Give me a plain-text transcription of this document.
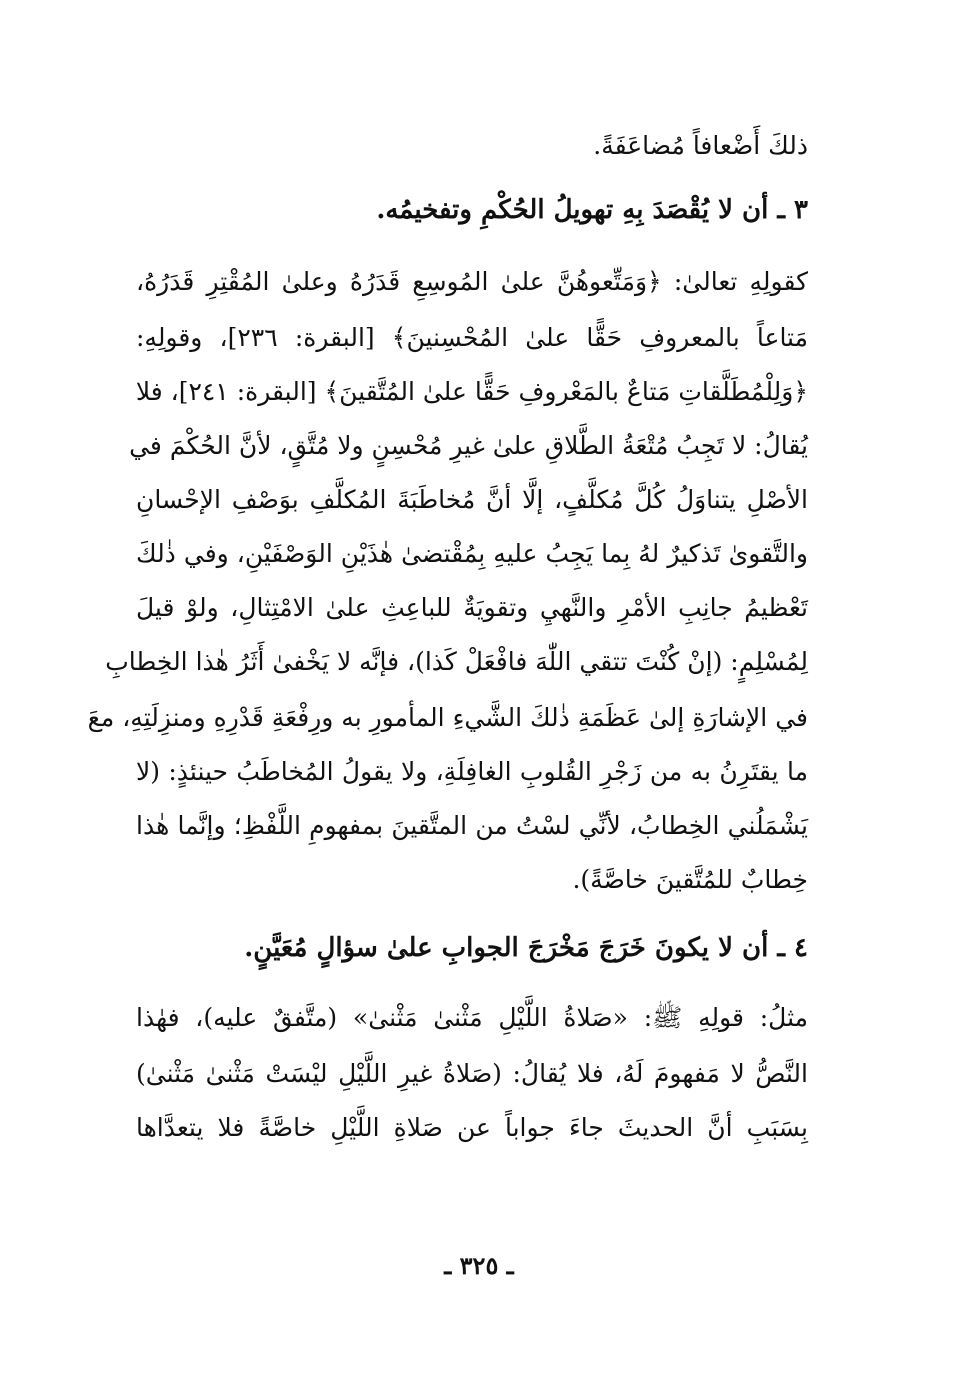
ذلكَ أَضْعافاً مُضاعَفَةً.
٣ ـ أن لا يُقْصَدَ بِهِ تهويلُ الحُكْمِ وتفخيمُه.
كقولِهِ تعالىٰ: ﴿وَمَتِّعوهُنَّ علىٰ المُوسِعِ قَدَرُهُ وعلىٰ المُقْتِرِ قَدَرُهُ،
مَتاعاً بالمعروفِ حَقًّا علىٰ المُحْسِنينَ﴾ [البقرة: ٢٣٦]، وقولِهِ:
﴿وَلِلْمُطَلَّقاتِ مَتاعٌ بالمَعْروفِ حَقًّا علىٰ المُتَّقينَ﴾ [البقرة: ٢٤١]، فلا
يُقالُ: لا تَجِبُ مُتْعَةُ الطَّلاقِ علىٰ غيرِ مُحْسِنٍ ولا مُتَّقٍ، لأنَّ الحُكْمَ في
الأصْلِ يتناوَلُ كُلَّ مُكلَّفٍ، إلَّا أنَّ مُخاطَبَةَ المُكلَّفِ بوَصْفِ الإحْسانِ
والتَّقوىٰ تَذكيرٌ لهُ بِما يَجِبُ عليهِ بِمُقْتضىٰ هٰذَيْنِ الوَصْفَيْنِ، وفي ذٰلكَ
تَعْظيمُ جانِبِ الأمْرِ والنَّهيِ وتقويَةٌ للباعِثِ علىٰ الامْتِثالِ، ولوْ قيلَ
لِمُسْلِمٍ: (إنْ كُنْتَ تتقي اللّٰهَ فافْعَلْ كَذا)، فإنَّه لا يَخْفىٰ أَثَرُ هٰذا الخِطابِ
في الإشارَةِ إلىٰ عَظَمَةِ ذٰلكَ الشَّيءِ المأمورِ به ورِفْعَةِ قَدْرِهِ ومنزِلَتِهِ، معَ
ما يقتَرِنُ به من زَجْرِ القُلوبِ الغافِلَةِ، ولا يقولُ المُخاطَبُ حينئذٍ: (لا
يَشْمَلُني الخِطابُ، لأنِّي لسْتُ من المتَّقينَ بمفهومِ اللَّفْظِ؛ وإنَّما هٰذا
خِطابٌ للمُتَّقينَ خاصَّةً).
٤ ـ أن لا يكونَ خَرَجَ مَخْرَجَ الجوابِ علىٰ سؤالٍ مُعَيَّنٍ.
مثلُ: قولِهِ ﷺ: «صَلاةُ اللَّيْلِ مَثْنىٰ مَثْنىٰ» (متَّفقٌ عليه)، فهٰذا
النَّصُّ لا مَفهومَ لَهُ، فلا يُقالُ: (صَلاةُ غيرِ اللَّيْلِ ليْسَتْ مَثْنىٰ مَثْنىٰ)
بِسَبَبِ أنَّ الحديثَ جاءَ جواباً عن صَلاةِ اللَّيْلِ خاصَّةً فلا يتعدَّاها
ـ ٣٢٥ ـ
